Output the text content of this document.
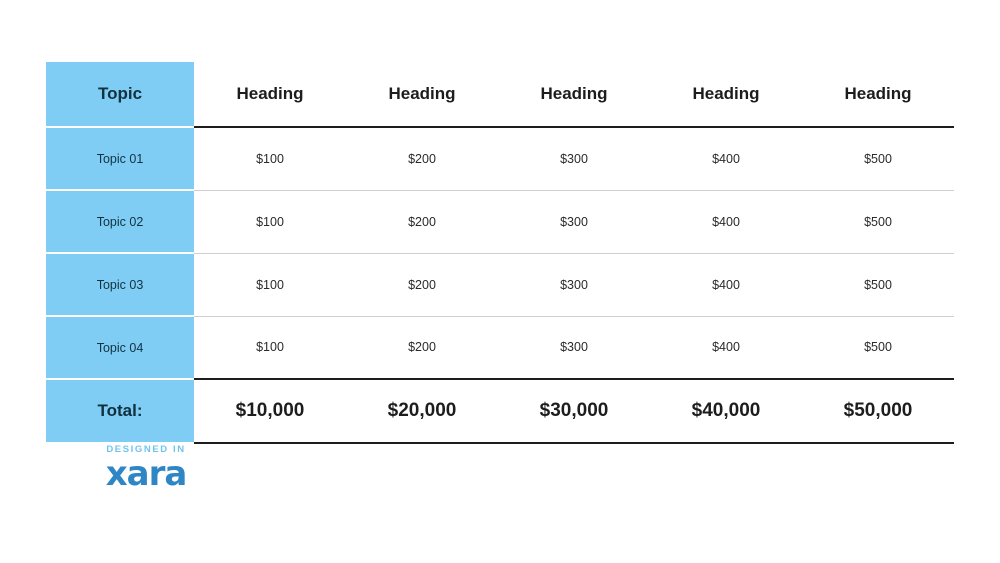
Topic	Heading	Heading	Heading	Heading	Heading
Topic 01	$100	$200	$300	$400	$500
Topic 02	$100	$200	$300	$400	$500
Topic 03	$100	$200	$300	$400	$500
Topic 04	$100	$200	$300	$400	$500
Total:	$10,000	$20,000	$30,000	$40,000	$50,000
DESIGNED IN
xara
